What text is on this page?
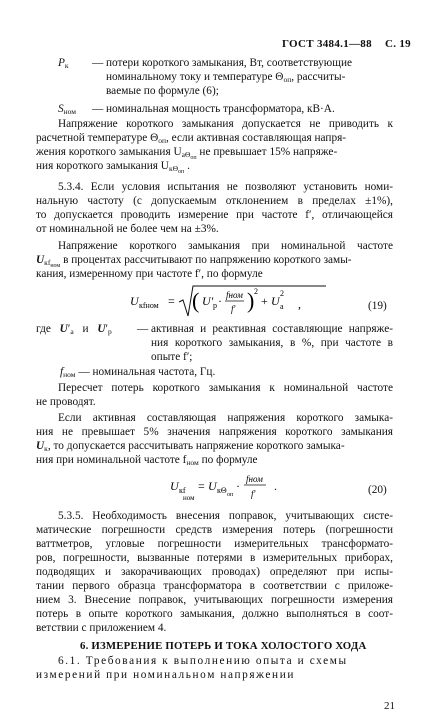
ГОСТ 3484.1—88 С. 19
$P_к$ — потери короткого замыкания, Вт, соответствующие
номинальному току и температуре $\Theta_{оп}$, рассчиты-
ваемые по формуле (6);
$S_{ном}$ — номинальная мощность трансформатора, кВ·А.
Напряжение короткого замыкания допускается не приводить к
расчетной температуре $\Theta_{оп}$, если активная составляющая напря-
жения короткого замыкания $U_{а\Theta_{оп}}$ не превышает 15% напряже-
ния короткого замыкания $U_{к\Theta_{оп}}$ .
5.3.4. Если условия испытания не позволяют установить номи-
нальную частоту (с допускаемым отклонением в пределах ±1%),
то допускается проводить измерение при частоте f′, отличающейся
от номинальной не более чем на ±3%.
Напряжение короткого замыкания при номинальной частоте
$U_{кf_{ном}}$ в процентах рассчитывают по напряжению короткого замы-
кания, измеренному при частоте f′, по формуле
U кfном = ( U′ р · fном
f′ ) 2
+ U
2
а ,	(19)
где $U'_а$ и $U'_р$ — активная и реактивная составляющие напряже-
ния короткого замыкания, в %, при частоте в
опыте f′;
$f_{ном}$ — номинальная частота, Гц.
Пересчет потерь короткого замыкания к номинальной частоте
не проводят.
Если активная составляющая напряжения короткого замыка-
ния не превышает 5% значения напряжения короткого замыкания
$U_к$, то допускается рассчитывать напряжение короткого замыка-
ния при номинальной частоте $f_{ном}$ по формуле
U кf
ном
= U кΘ оп
· fном
f′
.	(20)
5.3.5. Необходимость внесения поправок, учитывающих систе-
матические погрешности средств измерения потерь (погрешности
ваттметров, угловые погрешности измерительных трансформато-
ров, погрешности, вызванные потерями в измерительных приборах,
подводящих и закорачивающих проводах) определяют при испы-
тании первого образца трансформатора в соответствии с приложе-
нием 3. Внесение поправок, учитывающих погрешности измерения
потерь в опыте короткого замыкания, должно выполняться в соот-
ветствии с приложением 4.
6. ИЗМЕРЕНИЕ ПОТЕРЬ И ТОКА ХОЛОСТОГО ХОДА
6.1. Требования к выполнению опыта и схемы
измерений при номинальном напряжении
21
